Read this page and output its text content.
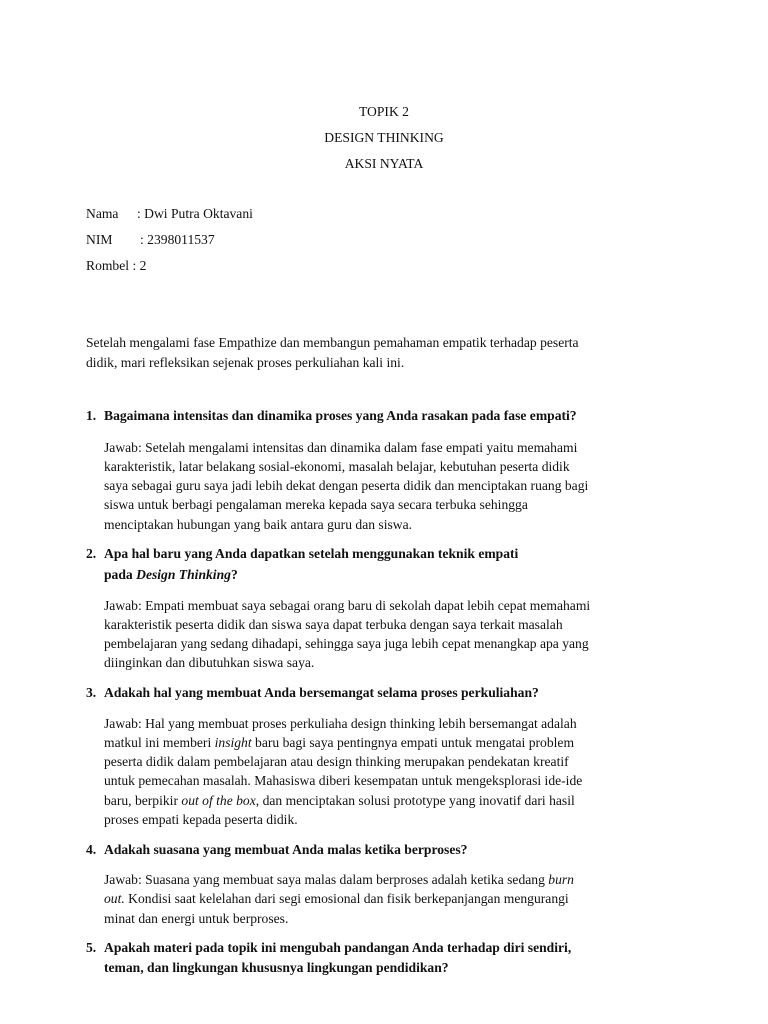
TOPIK 2
DESIGN THINKING
AKSI NYATA
Nama : Dwi Putra Oktavani
NIM : 2398011537
Rombel : 2
Setelah mengalami fase Empathize dan membangun pemahaman empatik terhadap peserta
didik, mari refleksikan sejenak proses perkuliahan kali ini.
1. Bagaimana intensitas dan dinamika proses yang Anda rasakan pada fase empati?
Jawab: Setelah mengalami intensitas dan dinamika dalam fase empati yaitu memahami
karakteristik, latar belakang sosial-ekonomi, masalah belajar, kebutuhan peserta didik
saya sebagai guru saya jadi lebih dekat dengan peserta didik dan menciptakan ruang bagi
siswa untuk berbagi pengalaman mereka kepada saya secara terbuka sehingga
menciptakan hubungan yang baik antara guru dan siswa.
2. Apa hal baru yang Anda dapatkan setelah menggunakan teknik empati
pada Design Thinking?
Jawab: Empati membuat saya sebagai orang baru di sekolah dapat lebih cepat memahami
karakteristik peserta didik dan siswa saya dapat terbuka dengan saya terkait masalah
pembelajaran yang sedang dihadapi, sehingga saya juga lebih cepat menangkap apa yang
diinginkan dan dibutuhkan siswa saya.
3. Adakah hal yang membuat Anda bersemangat selama proses perkuliahan?
Jawab: Hal yang membuat proses perkuliaha design thinking lebih bersemangat adalah
matkul ini memberi insight baru bagi saya pentingnya empati untuk mengatai problem
peserta didik dalam pembelajaran atau design thinking merupakan pendekatan kreatif
untuk pemecahan masalah. Mahasiswa diberi kesempatan untuk mengeksplorasi ide-ide
baru, berpikir out of the box, dan menciptakan solusi prototype yang inovatif dari hasil
proses empati kepada peserta didik.
4. Adakah suasana yang membuat Anda malas ketika berproses?
Jawab: Suasana yang membuat saya malas dalam berproses adalah ketika sedang burn
out. Kondisi saat kelelahan dari segi emosional dan fisik berkepanjangan mengurangi
minat dan energi untuk berproses.
5. Apakah materi pada topik ini mengubah pandangan Anda terhadap diri sendiri,
teman, dan lingkungan khususnya lingkungan pendidikan?
